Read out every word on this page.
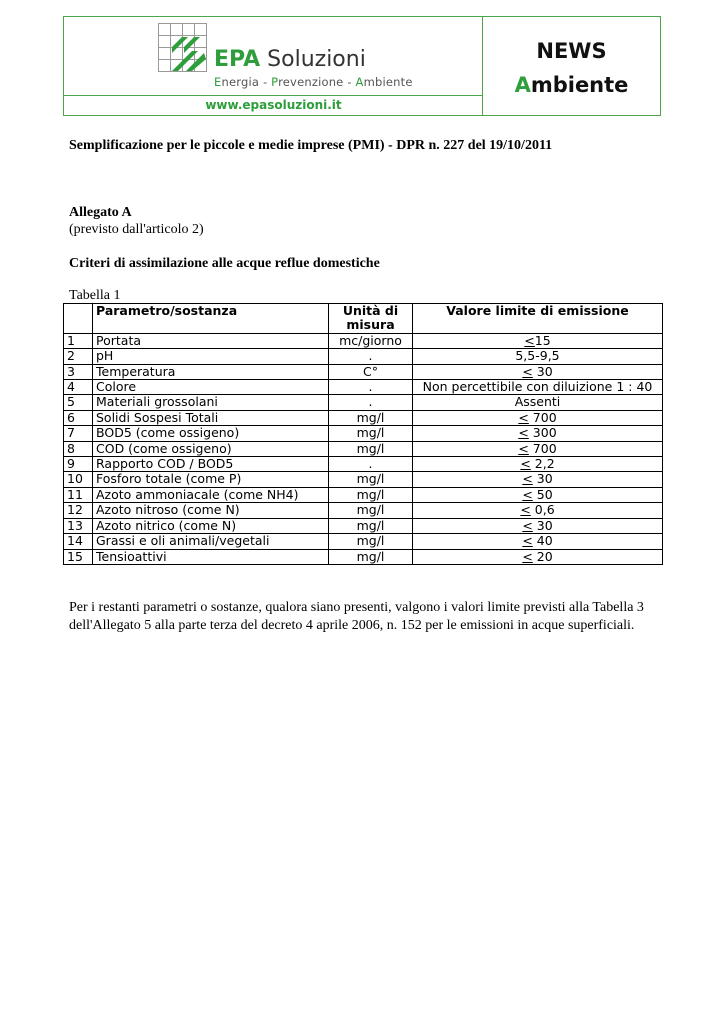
EPA Soluzioni
Energia - Prevenzione - Ambiente
www.epasoluzioni.it
NEWS
Ambiente
Semplificazione per le piccole e medie imprese (PMI) - DPR n. 227 del 19/10/2011
Allegato A
(previsto dall'articolo 2)
Criteri di assimilazione alle acque reflue domestiche
Tabella 1
	Parametro/sostanza	Unità di misura	Valore limite di emissione
1	Portata	mc/giorno	<15
2	pH	.	5,5-9,5
3	Temperatura	C°	< 30
4	Colore	.	Non percettibile con diluizione 1 : 40
5	Materiali grossolani	.	Assenti
6	Solidi Sospesi Totali	mg/l	< 700
7	BOD5 (come ossigeno)	mg/l	< 300
8	COD (come ossigeno)	mg/l	< 700
9	Rapporto COD / BOD5	.	< 2,2
10	Fosforo totale (come P)	mg/l	< 30
11	Azoto ammoniacale (come NH4)	mg/l	< 50
12	Azoto nitroso (come N)	mg/l	< 0,6
13	Azoto nitrico (come N)	mg/l	< 30
14	Grassi e oli animali/vegetali	mg/l	< 40
15	Tensioattivi	mg/l	< 20
Per i restanti parametri o sostanze, qualora siano presenti, valgono i valori limite previsti alla Tabella 3 dell'Allegato 5 alla parte terza del decreto 4 aprile 2006, n. 152 per le emissioni in acque superficiali.
